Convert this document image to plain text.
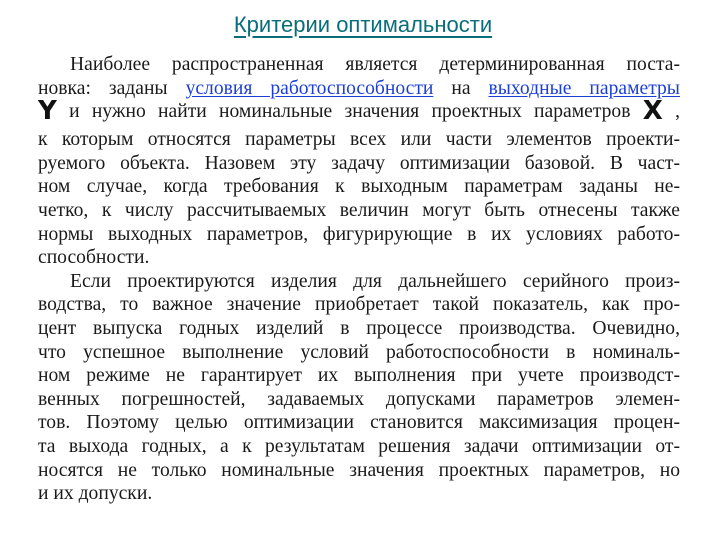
Критерии оптимальности
Наиболее распространенная является детерминированная поста-
новка: заданы условия работоспособности на выходные параметры
Y и нужно найти номинальные значения проектных параметров X ,
к которым относятся параметры всех или части элементов проекти-
руемого объекта. Назовем эту задачу оптимизации базовой. В част-
ном случае, когда требования к выходным параметрам заданы не-
четко, к числу рассчитываемых величин могут быть отнесены также
нормы выходных параметров, фигурирующие в их условиях работо-
способности.
Если проектируются изделия для дальнейшего серийного произ-
водства, то важное значение приобретает такой показатель, как про-
цент выпуска годных изделий в процессе производства. Очевидно,
что успешное выполнение условий работоспособности в номиналь-
ном режиме не гарантирует их выполнения при учете производст-
венных погрешностей, задаваемых допусками параметров элемен-
тов. Поэтому целью оптимизации становится максимизация процен-
та выхода годных, а к результатам решения задачи оптимизации от-
носятся не только номинальные значения проектных параметров, но
и их допуски.
